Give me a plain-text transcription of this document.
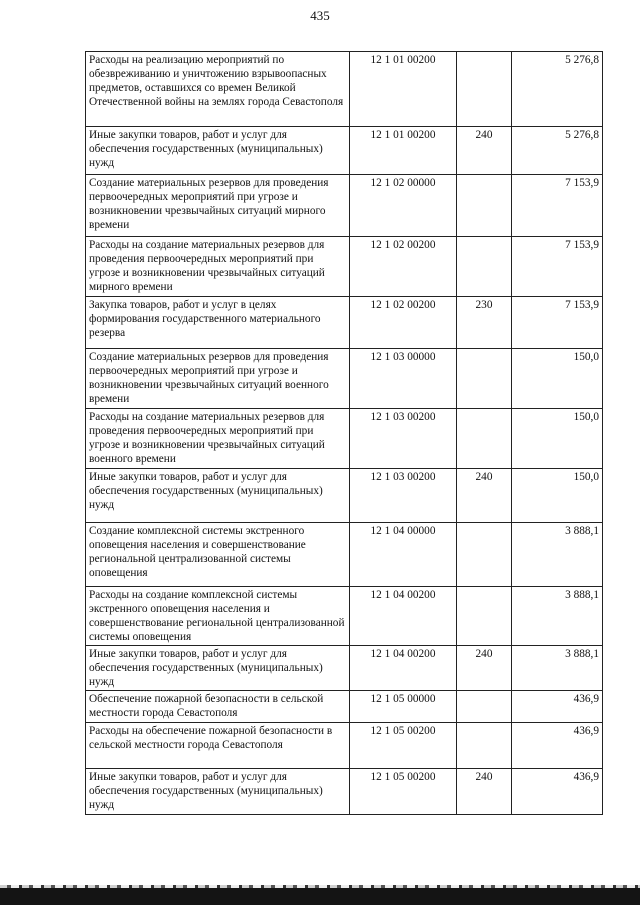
435
Расходы на реализацию мероприятий по обезвреживанию и уничтожению взрывоопасных предметов, оставшихся со времен Великой Отечественной войны на землях города Севастополя	12 1 01 00200		5 276,8
Иные закупки товаров, работ и услуг для обеспечения государственных (муниципальных) нужд	12 1 01 00200	240	5 276,8
Создание материальных резервов для проведения первоочередных мероприятий при угрозе и возникновении чрезвычайных ситуаций мирного времени	12 1 02 00000		7 153,9
Расходы на создание материальных резервов для проведения первоочередных мероприятий при угрозе и возникновении чрезвычайных ситуаций мирного времени	12 1 02 00200		7 153,9
Закупка товаров, работ и услуг в целях формирования государственного материального резерва	12 1 02 00200	230	7 153,9
Создание материальных резервов для проведения первоочередных мероприятий при угрозе и возникновении чрезвычайных ситуаций военного времени	12 1 03 00000		150,0
Расходы на создание материальных резервов для проведения первоочередных мероприятий при угрозе и возникновении чрезвычайных ситуаций военного времени	12 1 03 00200		150,0
Иные закупки товаров, работ и услуг для обеспечения государственных (муниципальных) нужд	12 1 03 00200	240	150,0
Создание комплексной системы экстренного оповещения населения и совершенствование региональной централизованной системы оповещения	12 1 04 00000		3 888,1
Расходы на создание комплексной системы экстренного оповещения населения и совершенствование региональной централизованной системы оповещения	12 1 04 00200		3 888,1
Иные закупки товаров, работ и услуг для обеспечения государственных (муниципальных) нужд	12 1 04 00200	240	3 888,1
Обеспечение пожарной безопасности в сельской местности города Севастополя	12 1 05 00000		436,9
Расходы на обеспечение пожарной безопасности в сельской местности города Севастополя	12 1 05 00200		436,9
Иные закупки товаров, работ и услуг для обеспечения государственных (муниципальных) нужд	12 1 05 00200	240	436,9
